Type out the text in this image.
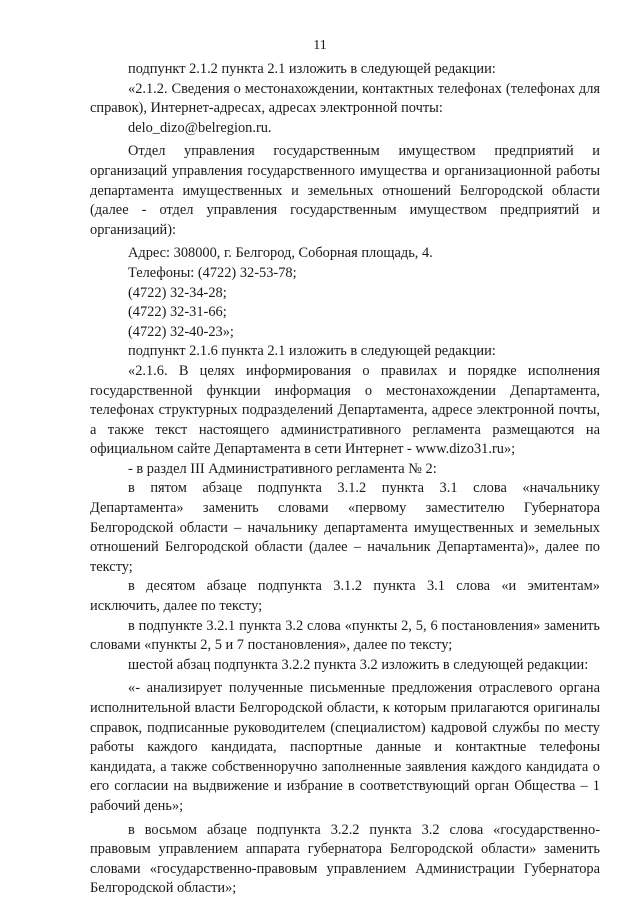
11

подпункт 2.1.2 пункта 2.1 изложить в следующей редакции:

«2.1.2. Сведения о местонахождении, контактных телефонах (телефонах для справок), Интернет-адресах, адресах электронной почты:

delo_dizo@belregion.ru.

Отдел управления государственным имуществом предприятий и организаций управления государственного имущества и организационной работы департамента имущественных и земельных отношений Белгородской области (далее - отдел управления государственным имуществом предприятий и организаций):

Адрес: 308000, г. Белгород, Соборная площадь, 4.

Телефоны: (4722) 32-53-78;

(4722) 32-34-28;

(4722) 32-31-66;

(4722) 32-40-23»;

подпункт 2.1.6 пункта 2.1 изложить в следующей редакции:

«2.1.6. В целях информирования о правилах и порядке исполнения государственной функции информация о местонахождении Департамента, телефонах структурных подразделений Департамента, адресе электронной почты, а также текст настоящего административного регламента размещаются на официальном сайте Департамента в сети Интернет - www.dizo31.ru»;

- в раздел III Административного регламента № 2:

в пятом абзаце подпункта 3.1.2 пункта 3.1 слова «начальнику Департамента» заменить словами «первому заместителю Губернатора Белгородской области – начальнику департамента имущественных и земельных отношений Белгородской области (далее – начальник Департамента)», далее по тексту;

в десятом абзаце подпункта 3.1.2 пункта 3.1 слова «и эмитентам» исключить, далее по тексту;

в подпункте 3.2.1 пункта 3.2 слова «пункты 2, 5, 6 постановления» заменить словами «пункты 2, 5 и 7 постановления», далее по тексту;

шестой абзац подпункта 3.2.2 пункта 3.2 изложить в следующей редакции:

«- анализирует полученные письменные предложения отраслевого органа исполнительной власти Белгородской области, к которым прилагаются оригиналы справок, подписанные руководителем (специалистом) кадровой службы по месту работы каждого кандидата, паспортные данные и контактные телефоны кандидата, а также собственноручно заполненные заявления каждого кандидата о его согласии на выдвижение и избрание в соответствующий орган Общества – 1 рабочий день»;

в восьмом абзаце подпункта 3.2.2 пункта 3.2 слова «государственно-правовым управлением аппарата губернатора Белгородской области» заменить словами «государственно-правовым управлением Администрации Губернатора Белгородской области»;
